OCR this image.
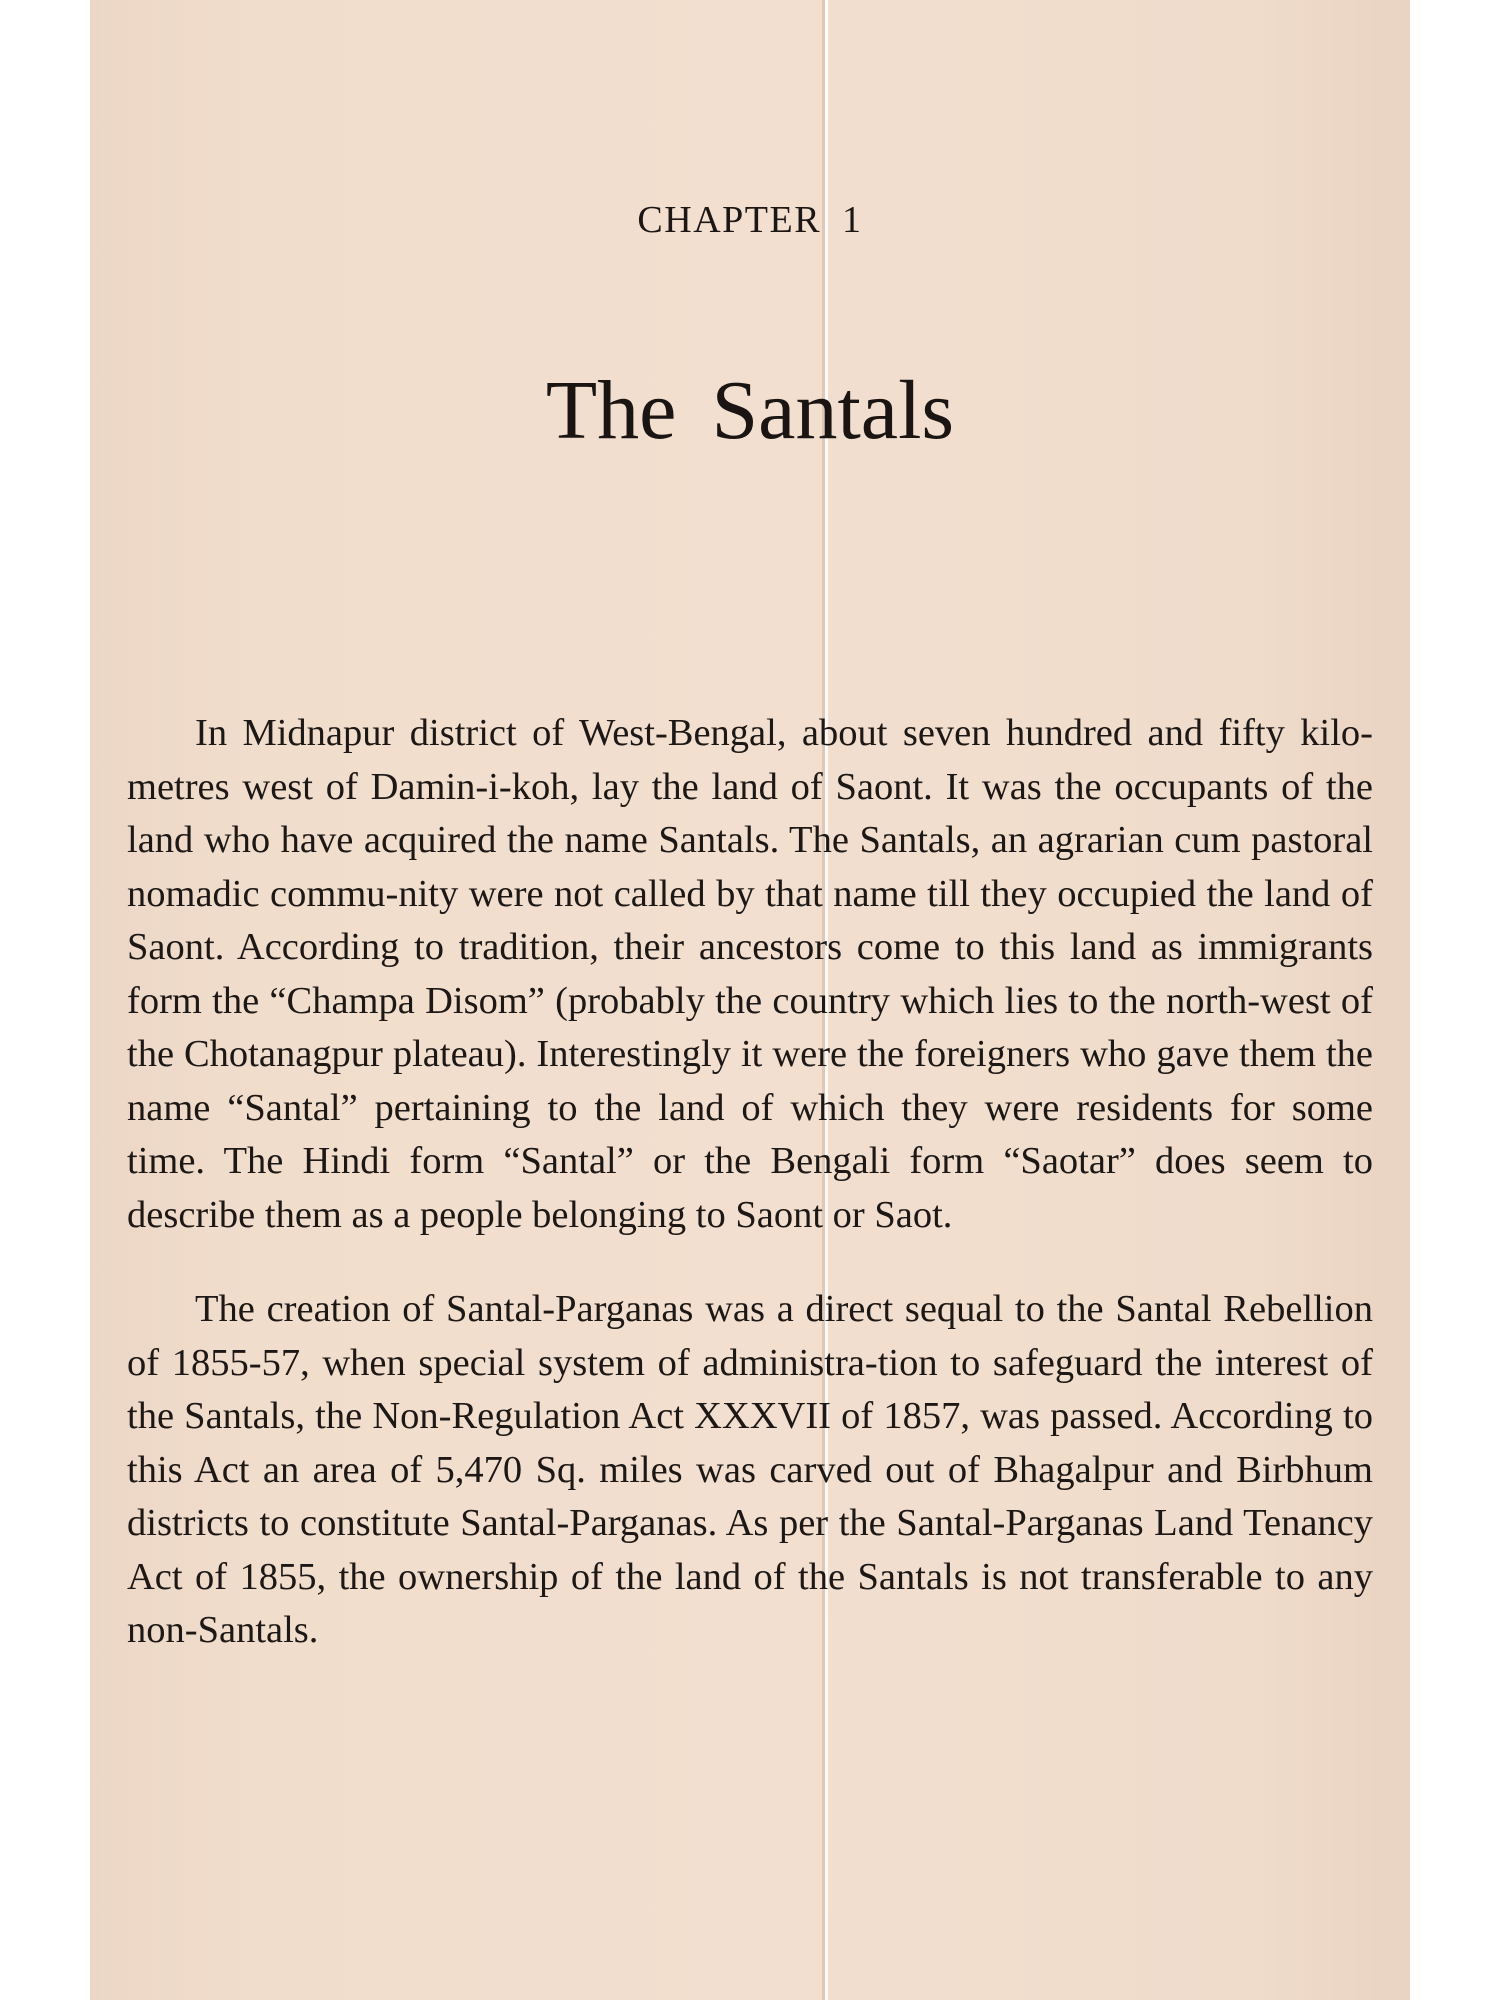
CHAPTER 1
The Santals

In Midnapur district of West-Bengal, about seven hundred and fifty kilo-metres west of Damin-i-koh, lay the land of Saont. It was the occupants of the land who have acquired the name Santals. The Santals, an agrarian cum pastoral nomadic commu-nity were not called by that name till they occupied the land of Saont. According to tradition, their ancestors come to this land as immigrants form the “Champa Disom” (probably the country which lies to the north-west of the Chotanagpur plateau). Interestingly it were the foreigners who gave them the name “Santal” pertaining to the land of which they were residents for some time. The Hindi form “Santal” or the Bengali form “Saotar” does seem to describe them as a people belonging to Saont or Saot.

The creation of Santal-Parganas was a direct sequal to the Santal Rebellion of 1855-57, when special system of administra-tion to safeguard the interest of the Santals, the Non-Regulation Act XXXVII of 1857, was passed. According to this Act an area of 5,470 Sq. miles was carved out of Bhagalpur and Birbhum districts to constitute Santal-Parganas. As per the Santal-Parganas Land Tenancy Act of 1855, the ownership of the land of the Santals is not transferable to any non-Santals.
